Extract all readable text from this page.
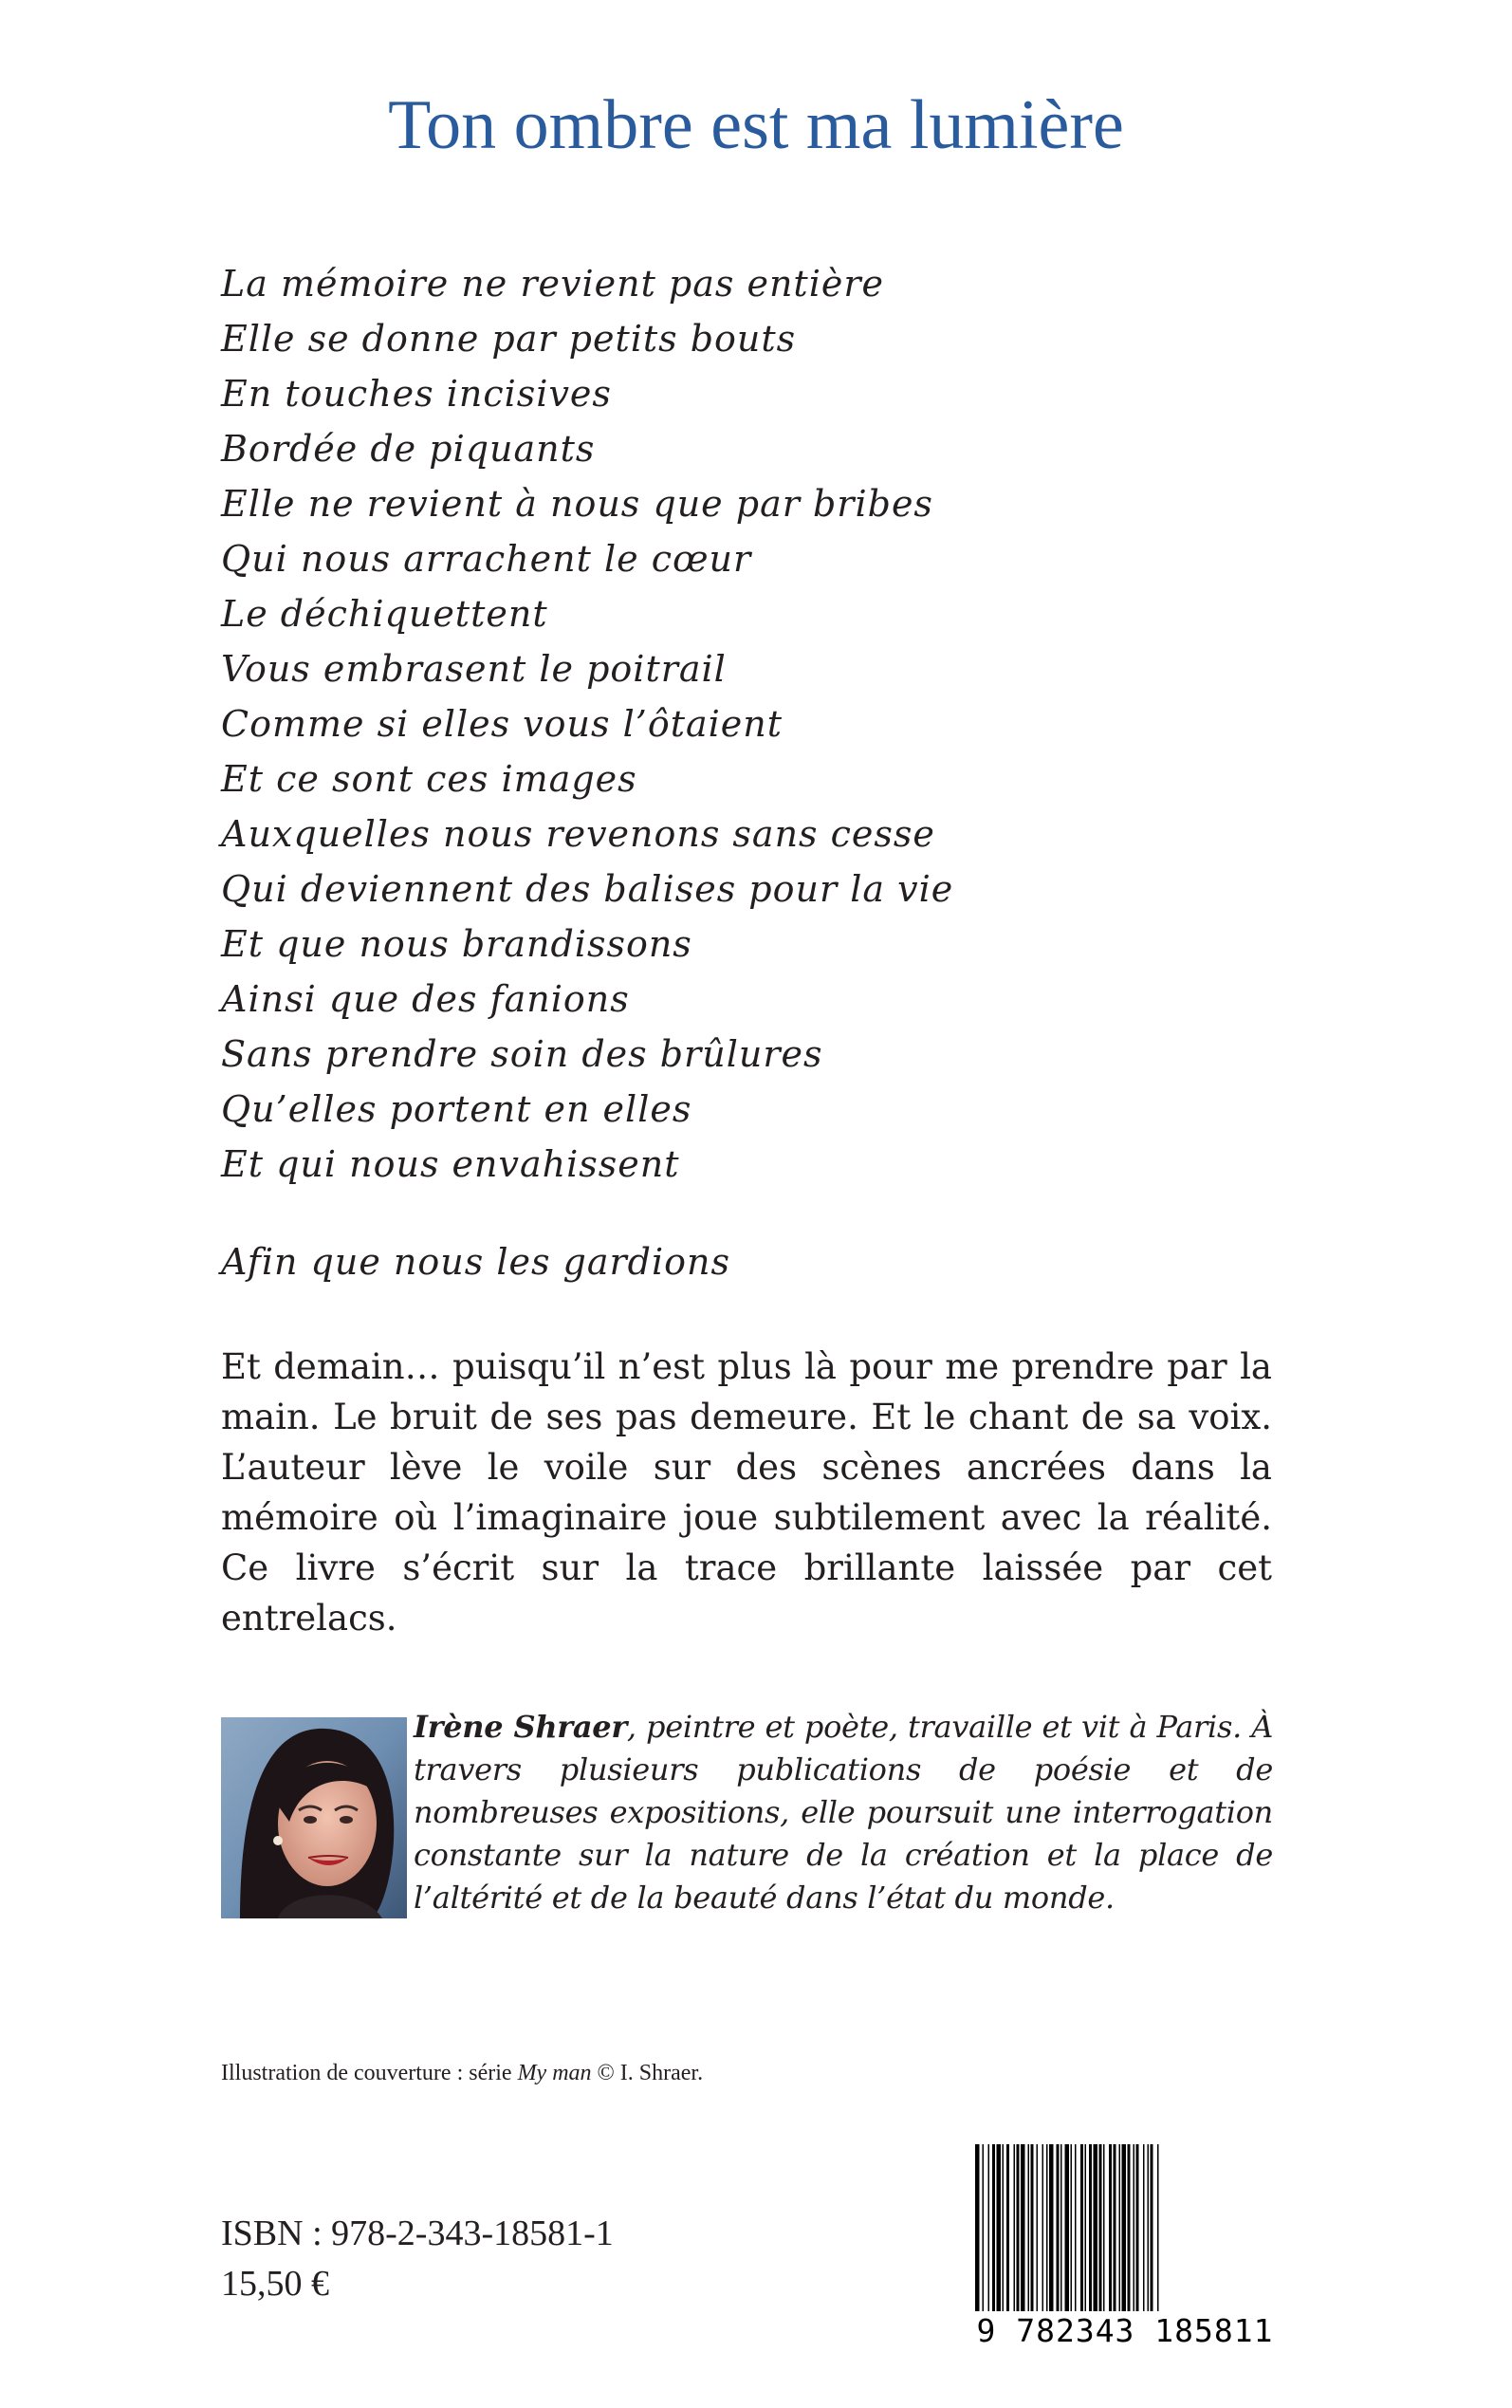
Ton ombre est ma lumière
La mémoire ne revient pas entière
Elle se donne par petits bouts
En touches incisives
Bordée de piquants
Elle ne revient à nous que par bribes
Qui nous arrachent le cœur
Le déchiquettent
Vous embrasent le poitrail
Comme si elles vous l’ôtaient
Et ce sont ces images
Auxquelles nous revenons sans cesse
Qui deviennent des balises pour la vie
Et que nous brandissons
Ainsi que des fanions
Sans prendre soin des brûlures
Qu’elles portent en elles
Et qui nous envahissent
Afin que nous les gardions

Et demain… puisqu’il n’est plus là pour me prendre par la main. Le bruit de ses pas demeure. Et le chant de sa voix. L’auteur lève le voile sur des scènes ancrées dans la mémoire où l’imaginaire joue subtilement avec la réalité. Ce livre s’écrit sur la trace brillante laissée par cet entrelacs.

Irène Shraer, peintre et poète, travaille et vit à Paris. À travers plusieurs publications de poésie et de nombreuses expositions, elle poursuit une interrogation constante sur la nature de la création et la place de l’altérité et de la beauté dans l’état du monde.

Illustration de couverture : série My man © I. Shraer.

ISBN : 978-2-343-18581-1

15,50 €

9 782343 185811
